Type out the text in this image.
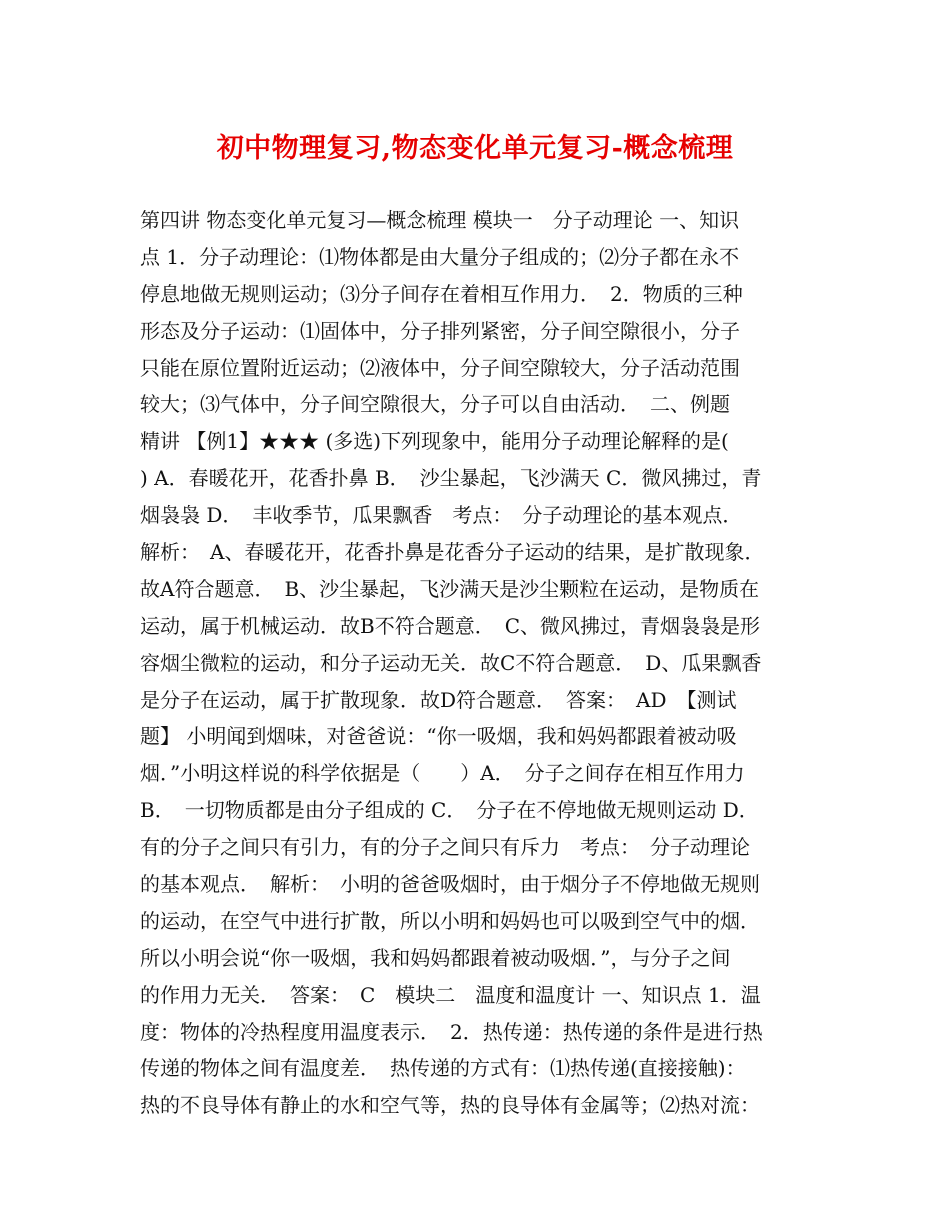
初中物理复习,物态变化单元复习-概念梳理
第四讲 物态变化单元复习—概念梳理 模块一　分子动理论 一、知识
点 1．分子动理论：⑴物体都是由大量分子组成的；⑵分子都在永不
停息地做无规则运动；⑶分子间存在着相互作用力．　2．物质的三种
形态及分子运动：⑴固体中，分子排列紧密，分子间空隙很小，分子
只能在原位置附近运动；⑵液体中，分子间空隙较大，分子活动范围
较大；⑶气体中，分子间空隙很大，分子可以自由活动．　二、例题
精讲 【例1】★★★ (多选)下列现象中，能用分子动理论解释的是(
) A．春暖花开，花香扑鼻 B．　沙尘暴起，飞沙满天 C．微风拂过，青
烟袅袅 D．　丰收季节，瓜果飘香　考点：　分子动理论的基本观点．
解析：　A、春暖花开，花香扑鼻是花香分子运动的结果，是扩散现象．
故A符合题意．　B、沙尘暴起，飞沙满天是沙尘颗粒在运动，是物质在
运动，属于机械运动．故B不符合题意．　C、微风拂过，青烟袅袅是形
容烟尘微粒的运动，和分子运动无关．故C不符合题意．　D、瓜果飘香
是分子在运动，属于扩散现象．故D符合题意．　答案：　AD　【测试
题】 小明闻到烟味，对爸爸说：“你一吸烟，我和妈妈都跟着被动吸
烟．”小明这样说的科学依据是（　　）A．　分子之间存在相互作用力
B．　一切物质都是由分子组成的 C．　分子在不停地做无规则运动 D．
有的分子之间只有引力，有的分子之间只有斥力　考点：　分子动理论
的基本观点．　解析：　小明的爸爸吸烟时，由于烟分子不停地做无规则
的运动，在空气中进行扩散，所以小明和妈妈也可以吸到空气中的烟．
所以小明会说“你一吸烟，我和妈妈都跟着被动吸烟．”，与分子之间
的作用力无关．　答案：　C　模块二　温度和温度计 一、知识点 1．温
度：物体的冷热程度用温度表示．　2．热传递：热传递的条件是进行热
传递的物体之间有温度差．　热传递的方式有：⑴热传递(直接接触)：
热的不良导体有静止的水和空气等，热的良导体有金属等；⑵热对流：
